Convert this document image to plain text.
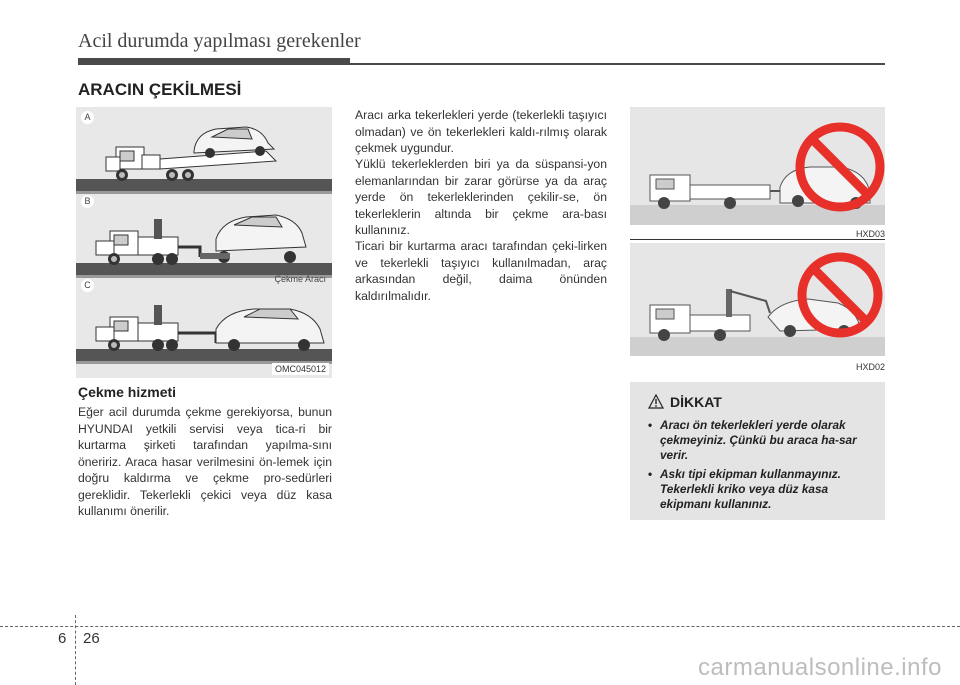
Acil durumda yapılması gerekenler
ARACIN ÇEKİLMESİ
A
B
C
Çekme Aracı
OMC045012
Çekme hizmeti
Eğer acil durumda çekme gerekiyorsa, bunun HYUNDAI yetkili servisi veya tica-ri bir kurtarma şirketi tarafından yapılma-sını öneririz. Araca hasar verilmesini ön-lemek için doğru kaldırma ve çekme pro-sedürleri gereklidir. Tekerlekli çekici veya düz kasa kullanımı önerilir.
Aracı arka tekerlekleri yerde (tekerlekli taşıyıcı olmadan) ve ön tekerlekleri kaldı-rılmış olarak çekmek uygundur.
Yüklü tekerleklerden biri ya da süspansi-yon elemanlarından bir zarar görürse ya da araç yerde ön tekerleklerinden çekilir-se, ön tekerleklerin altında bir çekme ara-bası kullanınız.
Ticari bir kurtarma aracı tarafından çeki-lirken ve tekerlekli taşıyıcı kullanılmadan, araç arkasından değil, daima önünden kaldırılmalıdır.
HXD03
HXD02
DİKKAT
• Aracı ön tekerlekleri yerde olarak çekmeyiniz. Çünkü bu araca ha-sar verir.
• Askı tipi ekipman kullanmayınız. Tekerlekli kriko veya düz kasa ekipmanı kullanınız.
6 26
carmanualsonline.info
